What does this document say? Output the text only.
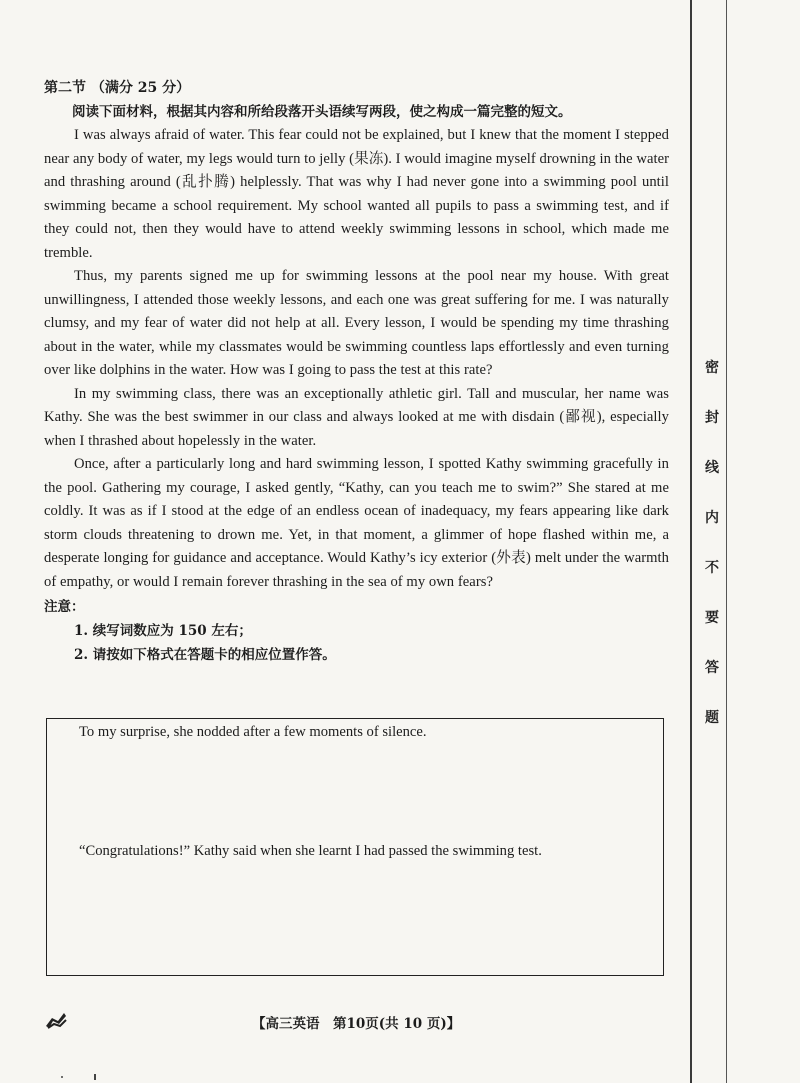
密
封
线
内
不
要
答
题

第二节 （满分 25 分）

阅读下面材料，根据其内容和所给段落开头语续写两段，使之构成一篇完整的短文。

I was always afraid of water. This fear could not be explained, but I knew that the moment I stepped near any body of water, my legs would turn to jelly (果冻). I would imagine myself drowning in the water and thrashing around (乱扑腾) helplessly. That was why I had never gone into a swimming pool until swimming became a school requirement. My school wanted all pupils to pass a swimming test, and if they could not, then they would have to attend weekly swimming lessons in school, which made me tremble.

Thus, my parents signed me up for swimming lessons at the pool near my house. With great unwillingness, I attended those weekly lessons, and each one was great suffering for me. I was naturally clumsy, and my fear of water did not help at all. Every lesson, I would be spending my time thrashing about in the water, while my classmates would be swimming countless laps effortlessly and even turning over like dolphins in the water. How was I going to pass the test at this rate?

In my swimming class, there was an exceptionally athletic girl. Tall and muscular, her name was Kathy. She was the best swimmer in our class and always looked at me with disdain (鄙视), especially when I thrashed about hopelessly in the water.

Once, after a particularly long and hard swimming lesson, I spotted Kathy swimming gracefully in the pool. Gathering my courage, I asked gently, “Kathy, can you teach me to swim?” She stared at me coldly. It was as if I stood at the edge of an endless ocean of inadequacy, my fears appearing like dark storm clouds threatening to drown me. Yet, in that moment, a glimmer of hope flashed within me, a desperate longing for guidance and acceptance. Would Kathy’s icy exterior (外表) melt under the warmth of empathy, or would I remain forever thrashing in the sea of my own fears?

注意：

1. 续写词数应为 150 左右；

2. 请按如下格式在答题卡的相应位置作答。

To my surprise, she nodded after a few moments of silence.
“Congratulations!” Kathy said when she learnt I had passed the swimming test.
【高三英语　第10页(共 10 页)】
